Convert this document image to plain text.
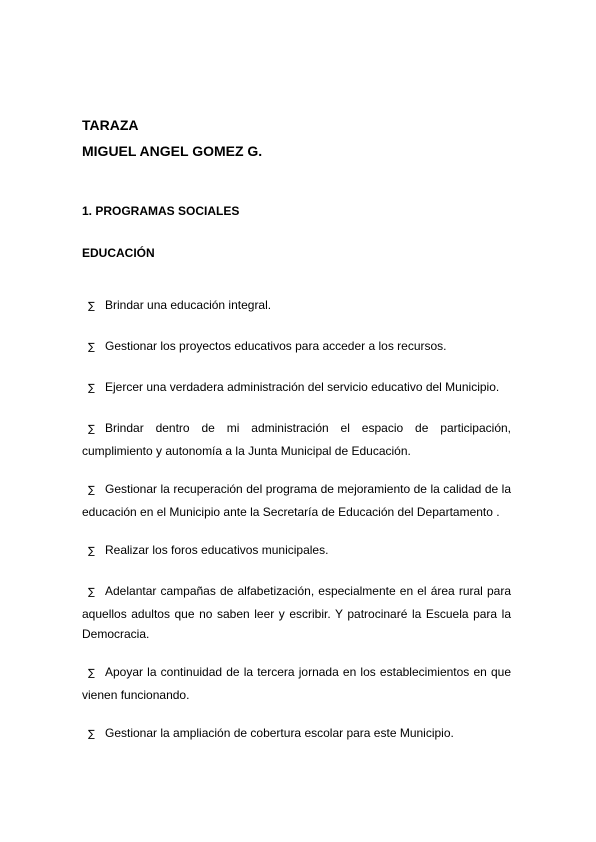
TARAZA

MIGUEL ANGEL GOMEZ G.

1. PROGRAMAS SOCIALES

EDUCACIÓN

∑ Brindar una educación integral.

∑ Gestionar los proyectos educativos para acceder a los recursos.

∑ Ejercer una verdadera administración del servicio educativo del Municipio.

∑ Brindar dentro de mi administración el espacio de participación, cumplimiento y autonomía a la Junta Municipal de Educación.

∑ Gestionar la recuperación del programa de mejoramiento de la calidad de la educación en el Municipio ante la Secretaría de Educación del Departamento .

∑ Realizar los foros educativos municipales.

∑ Adelantar campañas de alfabetización, especialmente en el área rural para aquellos adultos que no saben leer y escribir. Y patrocinaré la Escuela para la Democracia.

∑ Apoyar la continuidad de la tercera jornada en los establecimientos en que vienen funcionando.

∑ Gestionar la ampliación de cobertura escolar para este Municipio.
